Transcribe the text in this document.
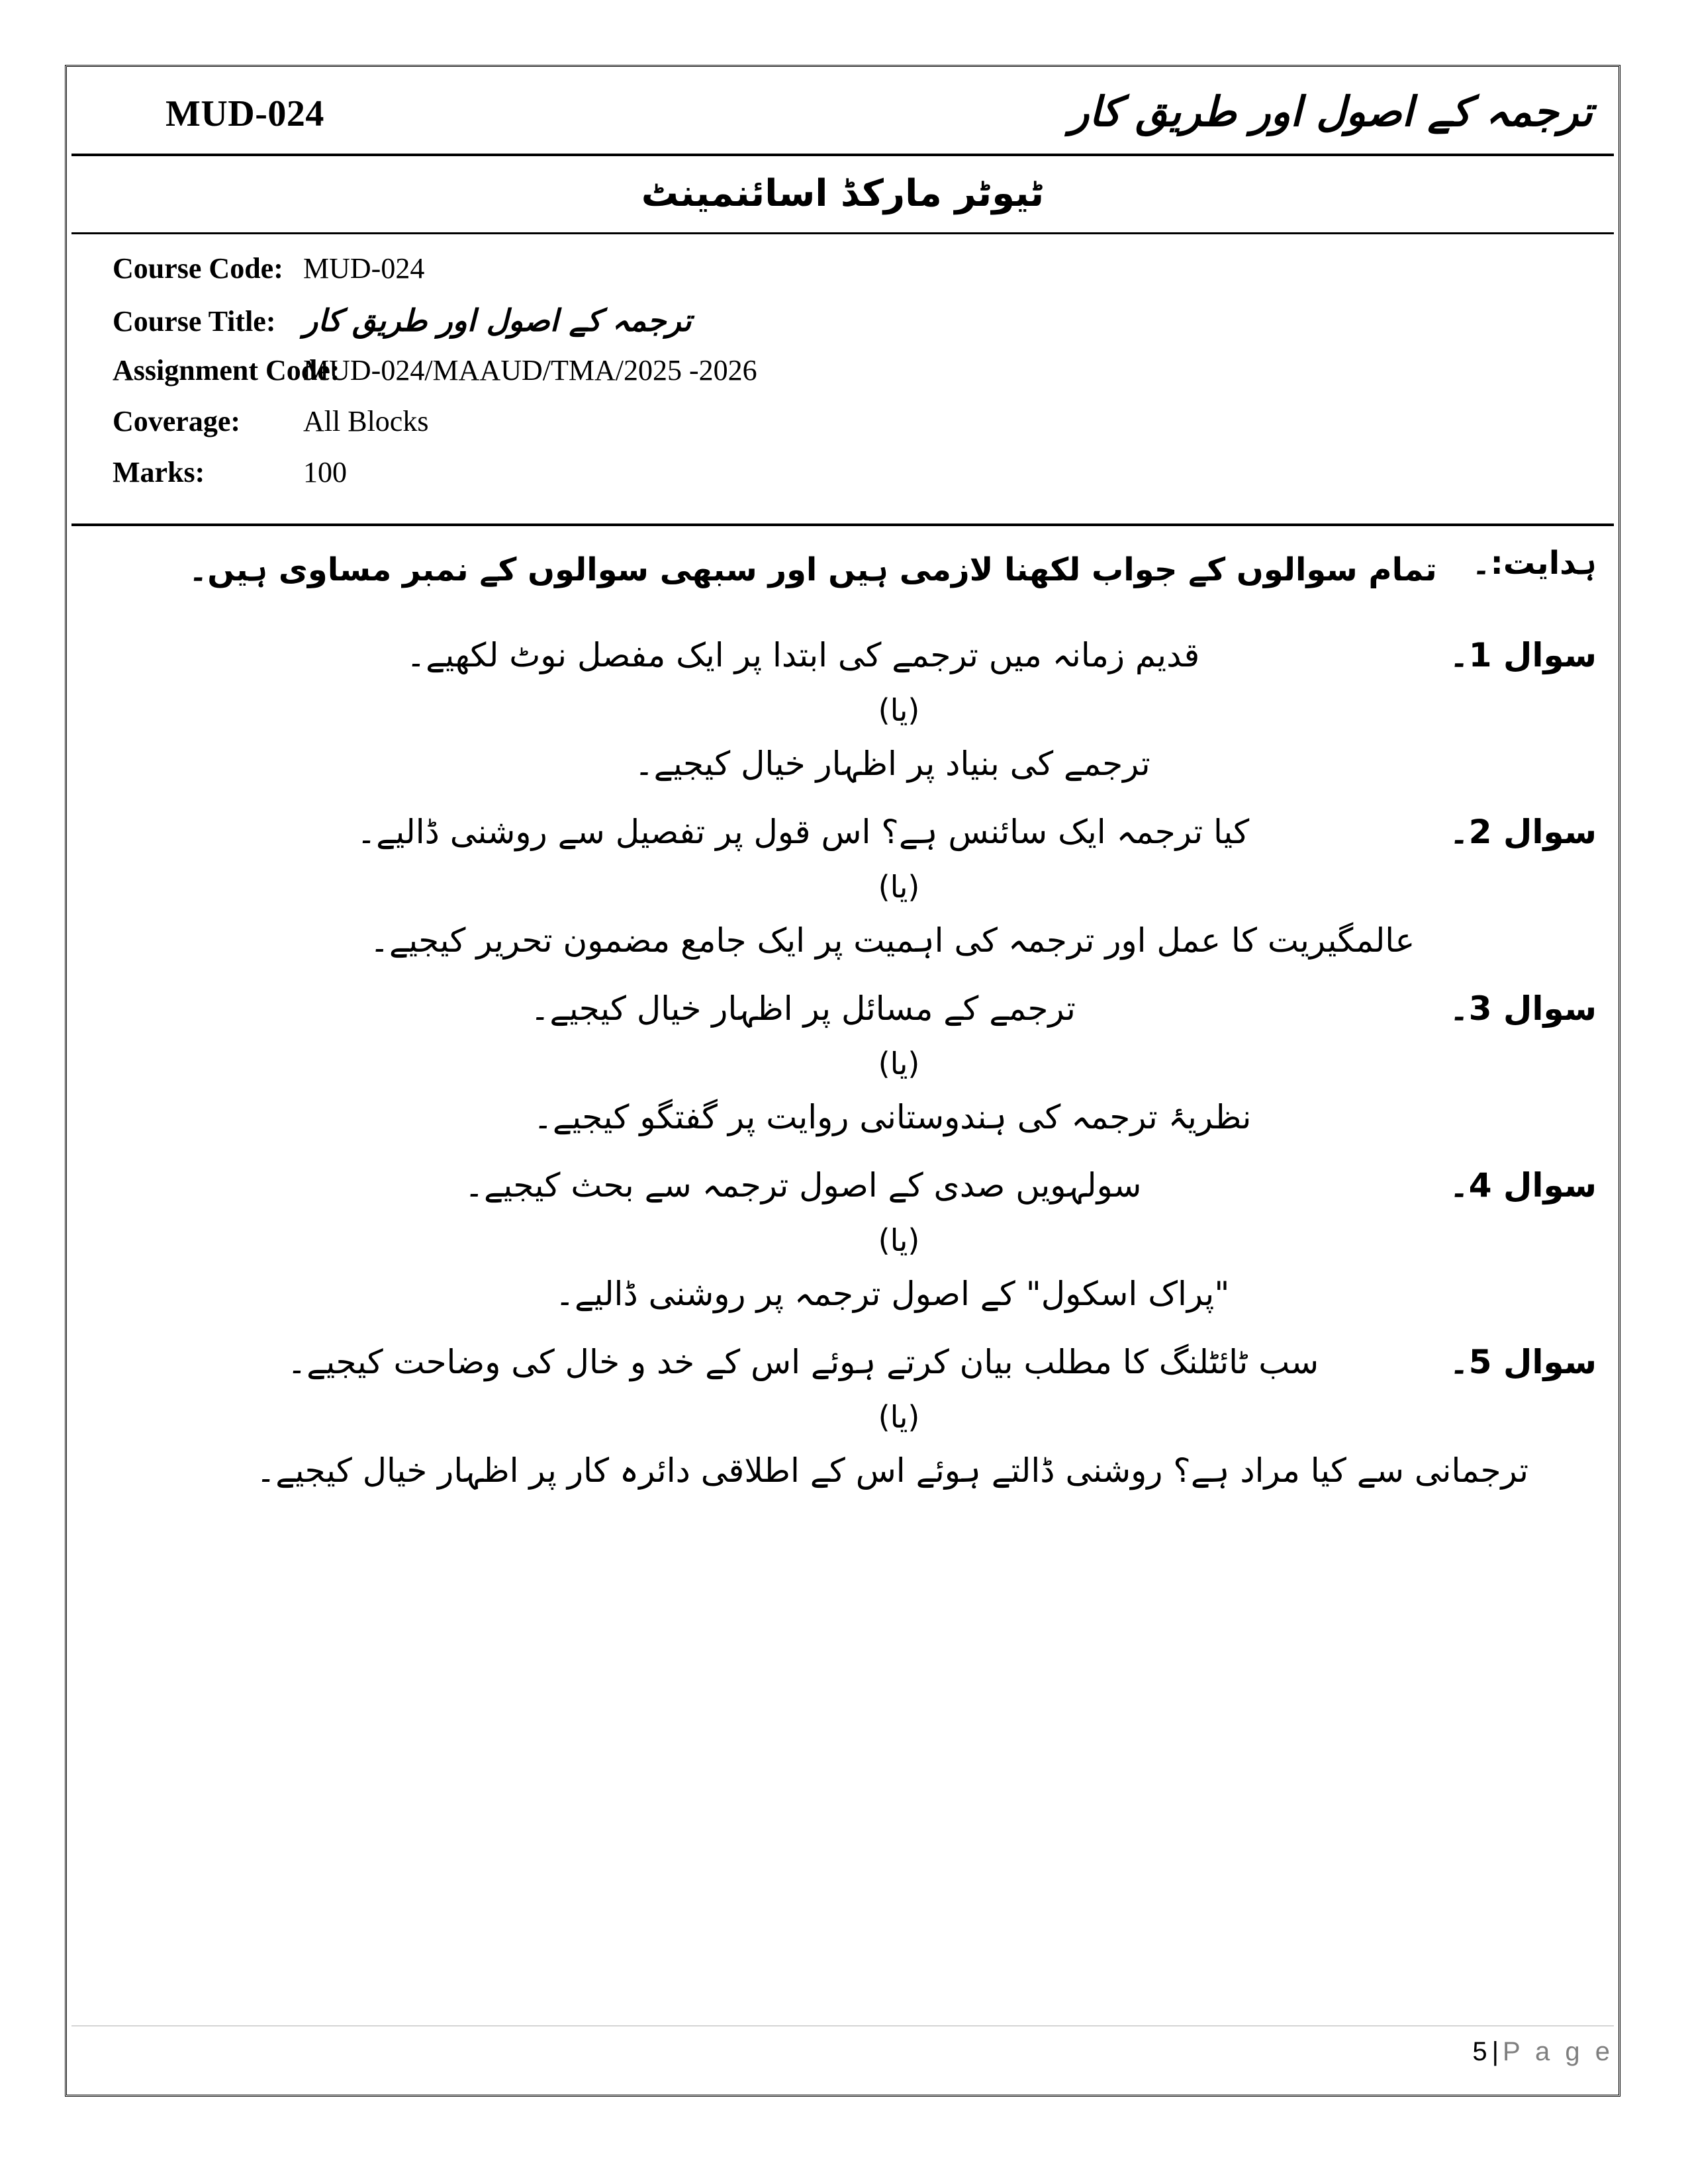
MUD-024	ترجمہ کے اصول اور طریق کار
ٹیوٹر مارکڈ اسائنمینٹ
Course Code: MUD-024
Course Title: ترجمہ کے اصول اور طریق کار
Assignment Code:
MUD-024/MAAUD/TMA/2025 -2026
Coverage:	All Blocks
Marks:	100
ہدایت:۔
تمام سوالوں کے جواب لکھنا لازمی ہیں اور سبھی سوالوں کے نمبر مساوی ہیں۔
سوال 1۔
قدیم زمانہ میں ترجمے کی ابتدا پر ایک مفصل نوٹ لکھیے۔
(یا)
ترجمے کی بنیاد پر اظہار خیال کیجیے۔
سوال 2۔
کیا ترجمہ ایک سائنس ہے؟ اس قول پر تفصیل سے روشنی ڈالیے۔
(یا)
عالمگیریت کا عمل اور ترجمہ کی اہمیت پر ایک جامع مضمون تحریر کیجیے۔
سوال 3۔
ترجمے کے مسائل پر اظہار خیال کیجیے۔
(یا)
نظریۂ ترجمہ کی ہندوستانی روایت پر گفتگو کیجیے۔
سوال 4۔
سولہویں صدی کے اصول ترجمہ سے بحث کیجیے۔
(یا)
"پراک اسکول" کے اصول ترجمہ پر روشنی ڈالیے۔
سوال 5۔
سب ٹائٹلنگ کا مطلب بیان کرتے ہوئے اس کے خد و خال کی وضاحت کیجیے۔
(یا)
ترجمانی سے کیا مراد ہے؟ روشنی ڈالتے ہوئے اس کے اطلاقی دائرہ کار پر اظہار خیال کیجیے۔
5 | P a g e
